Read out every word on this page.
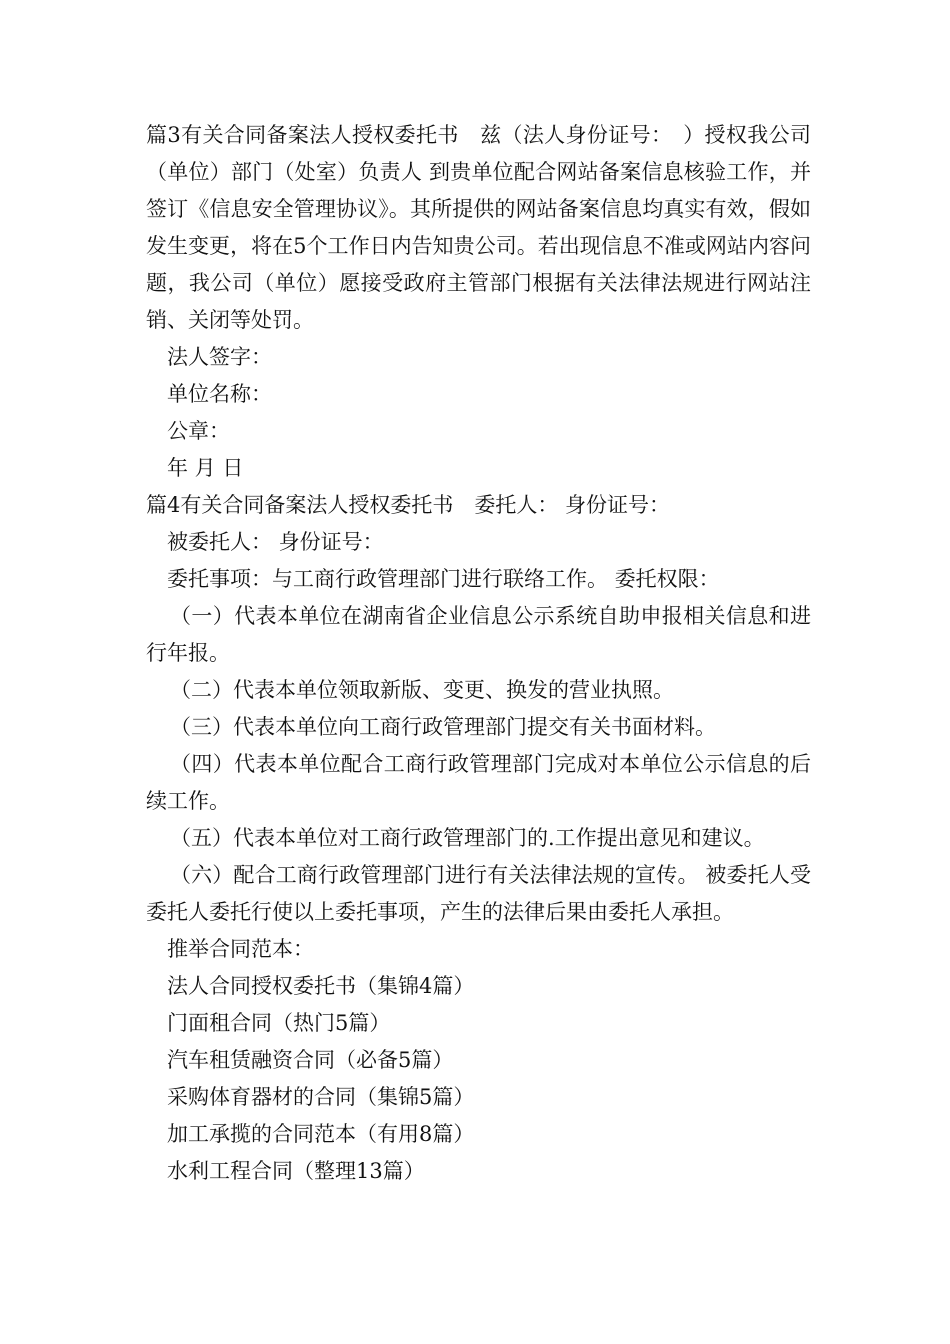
篇3有关合同备案法人授权委托书　兹（法人身份证号：　）授权我公司（单位）部门（处室）负责人 到贵单位配合网站备案信息核验工作，并签订《信息安全管理协议》。其所提供的网站备案信息均真实有效，假如发生变更，将在5个工作日内告知贵公司。若出现信息不准或网站内容问题，我公司（单位）愿接受政府主管部门根据有关法律法规进行网站注销、关闭等处罚。

法人签字：

单位名称：

公章：

年 月 日

篇4有关合同备案法人授权委托书　委托人： 身份证号：

被委托人： 身份证号：

委托事项：与工商行政管理部门进行联络工作。 委托权限：

（一）代表本单位在湖南省企业信息公示系统自助申报相关信息和进行年报。

（二）代表本单位领取新版、变更、换发的营业执照。

（三）代表本单位向工商行政管理部门提交有关书面材料。

（四）代表本单位配合工商行政管理部门完成对本单位公示信息的后续工作。

（五）代表本单位对工商行政管理部门的.工作提出意见和建议。

（六）配合工商行政管理部门进行有关法律法规的宣传。 被委托人受委托人委托行使以上委托事项，产生的法律后果由委托人承担。

推举合同范本：

法人合同授权委托书（集锦4篇）

门面租合同（热门5篇）

汽车租赁融资合同（必备5篇）

采购体育器材的合同（集锦5篇）

加工承揽的合同范本（有用8篇）

水利工程合同（整理13篇）
